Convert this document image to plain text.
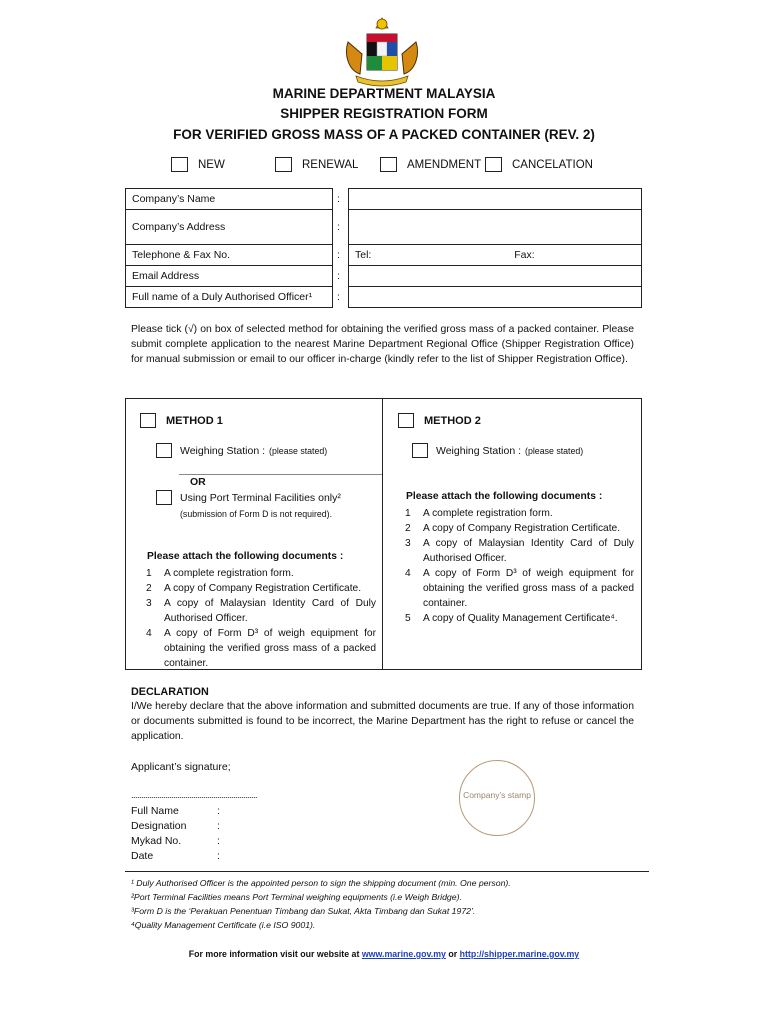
MARINE DEPARTMENT MALAYSIA
SHIPPER REGISTRATION FORM
FOR VERIFIED GROSS MASS OF A PACKED CONTAINER (REV. 2)
NEW	RENEWAL	AMENDMENT	CANCELATION
Company’s Name	:	
Company’s Address	:	
Telephone & Fax No.	:	Tel: Fax:
Email Address	:	
Full name of a Duly Authorised Officer¹	:	
Please tick (√) on box of selected method for obtaining the verified gross mass of a packed container. Please submit complete application to the nearest Marine Department Regional Office (Shipper Registration Office) for manual submission or email to our officer in-charge (kindly refer to the list of Shipper Registration Office).
METHOD 1
Weighing Station : (please stated)
OR
Using Port Terminal Facilities only²
(submission of Form D is not required).
Please attach the following documents :
1	A complete registration form.
2	A copy of Company Registration Certificate.
3	A copy of Malaysian Identity Card of Duly Authorised Officer.
4	A copy of Form D³ of weigh equipment for obtaining the verified gross mass of a packed container.
METHOD 2
Weighing Station : (please stated)
Please attach the following documents :
1	A complete registration form.
2	A copy of Company Registration Certificate.
3	A copy of Malaysian Identity Card of Duly Authorised Officer.
4	A copy of Form D³ of weigh equipment for obtaining the verified gross mass of a packed container.
5	A copy of Quality Management Certificate⁴.
DECLARATION
I/We hereby declare that the above information and submitted documents are true. If any of those information or documents submitted is found to be incorrect, the Marine Department has the right to refuse or cancel the application.
Applicant’s signature;
...............................................................	Company’s stamp
Full Name	:
Designation	:
Mykad No.	:
Date	:
¹ Duly Authorised Officer is the appointed person to sign the shipping document (min. One person).
²Port Terminal Facilities means Port Terminal weighing equipments (i.e Weigh Bridge).
³Form D is the ‘Perakuan Penentuan Timbang dan Sukat, Akta Timbang dan Sukat 1972’.
⁴Quality Management Certificate (i.e ISO 9001).
For more information visit our website at www.marine.gov.my or http://shipper.marine.gov.my
